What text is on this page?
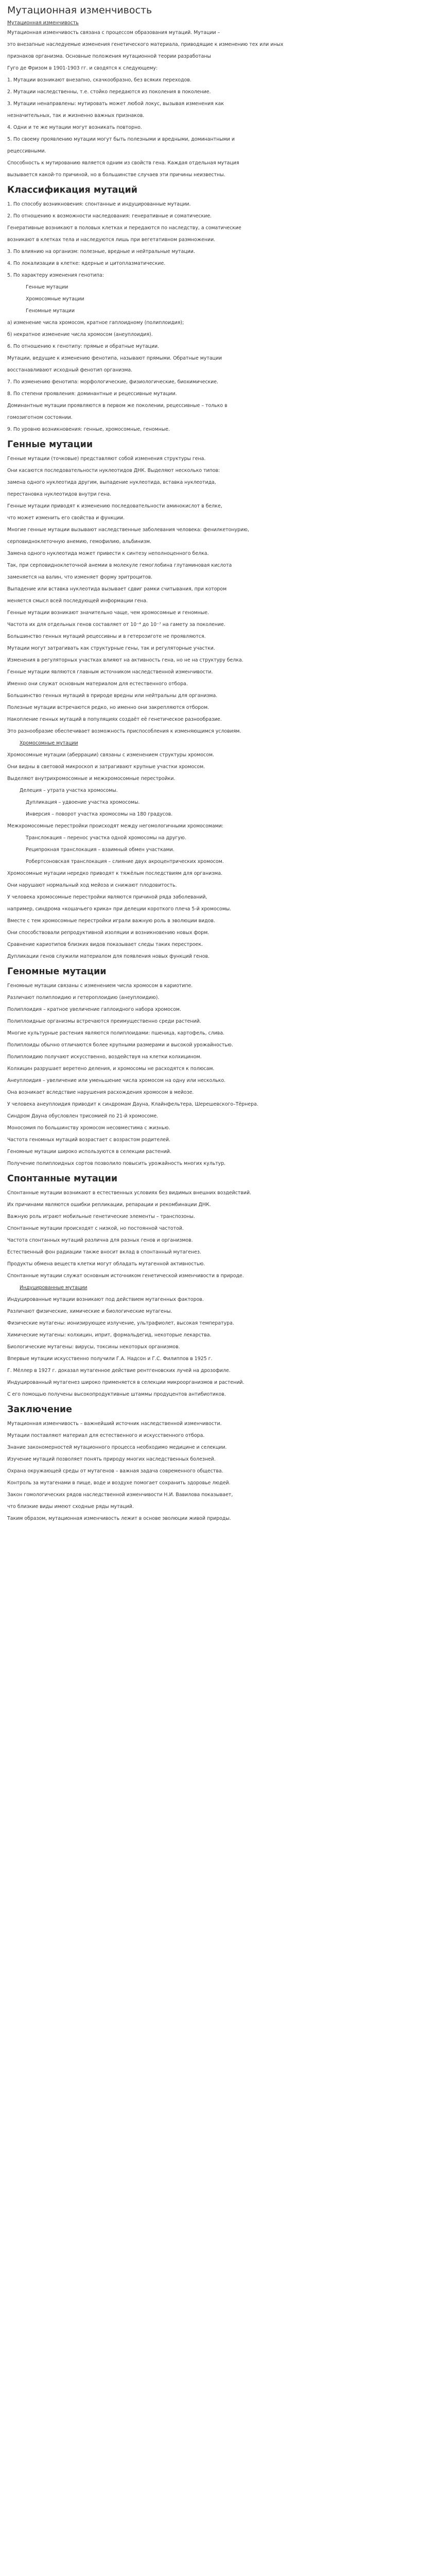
Мутационная изменчивость

Мутационная изменчивость

Мутационная изменчивость связана с процессом образования мутаций. Мутации –

это внезапные наследуемые изменения генетического материала, приводящие к изменению тех или иных

признаков организма. Основные положения мутационной теории разработаны

Гуго де Фризом в 1901-1903 гг. и сводятся к следующему:

1. Мутации возникают внезапно, скачкообразно, без всяких переходов.

2. Мутации наследственны, т.е. стойко передаются из поколения в поколение.

3. Мутации ненаправлены: мутировать может любой локус, вызывая изменения как

незначительных, так и жизненно важных признаков.

4. Одни и те же мутации могут возникать повторно.

5. По своему проявлению мутации могут быть полезными и вредными, доминантными и

рецессивными.

Способность к мутированию является одним из свойств гена. Каждая отдельная мутация

вызывается какой-то причиной, но в большинстве случаев эти причины неизвестны.

Классификация мутаций

1. По способу возникновения: спонтанные и индуцированные мутации.

2. По отношению к возможности наследования: генеративные и соматические.

Генеративные возникают в половых клетках и передаются по наследству, а соматические

возникают в клетках тела и наследуются лишь при вегетативном размножении.

3. По влиянию на организм: полезные, вредные и нейтральные мутации.

4. По локализации в клетке: ядерные и цитоплазматические.

5. По характеру изменения генотипа:

Генные мутации

Хромосомные мутации

Геномные мутации

а) изменение числа хромосом, кратное гаплоидному (полиплоидия);

б) некратное изменение числа хромосом (анеуплоидия).

6. По отношению к генотипу: прямые и обратные мутации.

Мутации, ведущие к изменению фенотипа, называют прямыми. Обратные мутации

восстанавливают исходный фенотип организма.

7. По изменению фенотипа: морфологические, физиологические, биохимические.

8. По степени проявления: доминантные и рецессивные мутации.

Доминантные мутации проявляются в первом же поколении, рецессивные – только в

гомозиготном состоянии.

9. По уровню возникновения: генные, хромосомные, геномные.

Генные мутации

Генные мутации (точковые) представляют собой изменения структуры гена.

Они касаются последовательности нуклеотидов ДНК. Выделяют несколько типов:

замена одного нуклеотида другим, выпадение нуклеотида, вставка нуклеотида,

перестановка нуклеотидов внутри гена.

Генные мутации приводят к изменению последовательности аминокислот в белке,

что может изменить его свойства и функции.

Многие генные мутации вызывают наследственные заболевания человека: фенилкетонурию,

серповидноклеточную анемию, гемофилию, альбинизм.

Замена одного нуклеотида может привести к синтезу неполноценного белка.

Так, при серповидноклеточной анемии в молекуле гемоглобина глутаминовая кислота

заменяется на валин, что изменяет форму эритроцитов.

Выпадение или вставка нуклеотида вызывает сдвиг рамки считывания, при котором

меняется смысл всей последующей информации гена.

Генные мутации возникают значительно чаще, чем хромосомные и геномные.

Частота их для отдельных генов составляет от 10⁻⁴ до 10⁻⁷ на гамету за поколение.

Большинство генных мутаций рецессивны и в гетерозиготе не проявляются.

Мутации могут затрагивать как структурные гены, так и регуляторные участки.

Изменения в регуляторных участках влияют на активность гена, но не на структуру белка.

Генные мутации являются главным источником наследственной изменчивости.

Именно они служат основным материалом для естественного отбора.

Большинство генных мутаций в природе вредны или нейтральны для организма.

Полезные мутации встречаются редко, но именно они закрепляются отбором.

Накопление генных мутаций в популяциях создаёт её генетическое разнообразие.

Это разнообразие обеспечивает возможность приспособления к изменяющимся условиям.

Хромосомные мутации

Хромосомные мутации (аберрации) связаны с изменением структуры хромосом.

Они видны в световой микроскоп и затрагивают крупные участки хромосом.

Выделяют внутрихромосомные и межхромосомные перестройки.

Делеция – утрата участка хромосомы.

Дупликация – удвоение участка хромосомы.

Инверсия – поворот участка хромосомы на 180 градусов.

Межхромосомные перестройки происходят между негомологичными хромосомами:

Транслокация – перенос участка одной хромосомы на другую.

Реципрокная транслокация – взаимный обмен участками.

Робертсоновская транслокация – слияние двух акроцентрических хромосом.

Хромосомные мутации нередко приводят к тяжёлым последствиям для организма.

Они нарушают нормальный ход мейоза и снижают плодовитость.

У человека хромосомные перестройки являются причиной ряда заболеваний,

например, синдрома «кошачьего крика» при делеции короткого плеча 5-й хромосомы.

Вместе с тем хромосомные перестройки играли важную роль в эволюции видов.

Они способствовали репродуктивной изоляции и возникновению новых форм.

Сравнение кариотипов близких видов показывает следы таких перестроек.

Дупликации генов служили материалом для появления новых функций генов.

Геномные мутации

Геномные мутации связаны с изменением числа хромосом в кариотипе.

Различают полиплоидию и гетероплоидию (анеуплоидию).

Полиплоидия – кратное увеличение гаплоидного набора хромосом.

Полиплоидные организмы встречаются преимущественно среди растений.

Многие культурные растения являются полиплоидами: пшеница, картофель, слива.

Полиплоиды обычно отличаются более крупными размерами и высокой урожайностью.

Полиплоидию получают искусственно, воздействуя на клетки колхицином.

Колхицин разрушает веретено деления, и хромосомы не расходятся к полюсам.

Анеуплоидия – увеличение или уменьшение числа хромосом на одну или несколько.

Она возникает вследствие нарушения расхождения хромосом в мейозе.

У человека анеуплоидия приводит к синдромам Дауна, Клайнфельтера, Шерешевского–Тёрнера.

Синдром Дауна обусловлен трисомией по 21-й хромосоме.

Моносомия по большинству хромосом несовместима с жизнью.

Частота геномных мутаций возрастает с возрастом родителей.

Геномные мутации широко используются в селекции растений.

Получение полиплоидных сортов позволило повысить урожайность многих культур.

Спонтанные мутации

Спонтанные мутации возникают в естественных условиях без видимых внешних воздействий.

Их причинами являются ошибки репликации, репарации и рекомбинации ДНК.

Важную роль играют мобильные генетические элементы – транспозоны.

Спонтанные мутации происходят с низкой, но постоянной частотой.

Частота спонтанных мутаций различна для разных генов и организмов.

Естественный фон радиации также вносит вклад в спонтанный мутагенез.

Продукты обмена веществ клетки могут обладать мутагенной активностью.

Спонтанные мутации служат основным источником генетической изменчивости в природе.

Индуцированные мутации

Индуцированные мутации возникают под действием мутагенных факторов.

Различают физические, химические и биологические мутагены.

Физические мутагены: ионизирующее излучение, ультрафиолет, высокая температура.

Химические мутагены: колхицин, иприт, формальдегид, некоторые лекарства.

Биологические мутагены: вирусы, токсины некоторых организмов.

Впервые мутации искусственно получили Г.А. Надсон и Г.С. Филиппов в 1925 г.

Г. Мёллер в 1927 г. доказал мутагенное действие рентгеновских лучей на дрозофиле.

Индуцированный мутагенез широко применяется в селекции микроорганизмов и растений.

С его помощью получены высокопродуктивные штаммы продуцентов антибиотиков.

Заключение

Мутационная изменчивость – важнейший источник наследственной изменчивости.

Мутации поставляют материал для естественного и искусственного отбора.

Знание закономерностей мутационного процесса необходимо медицине и селекции.

Изучение мутаций позволяет понять природу многих наследственных болезней.

Охрана окружающей среды от мутагенов – важная задача современного общества.

Контроль за мутагенами в пище, воде и воздухе помогает сохранить здоровье людей.

Закон гомологических рядов наследственной изменчивости Н.И. Вавилова показывает,

что близкие виды имеют сходные ряды мутаций.

Таким образом, мутационная изменчивость лежит в основе эволюции живой природы.
